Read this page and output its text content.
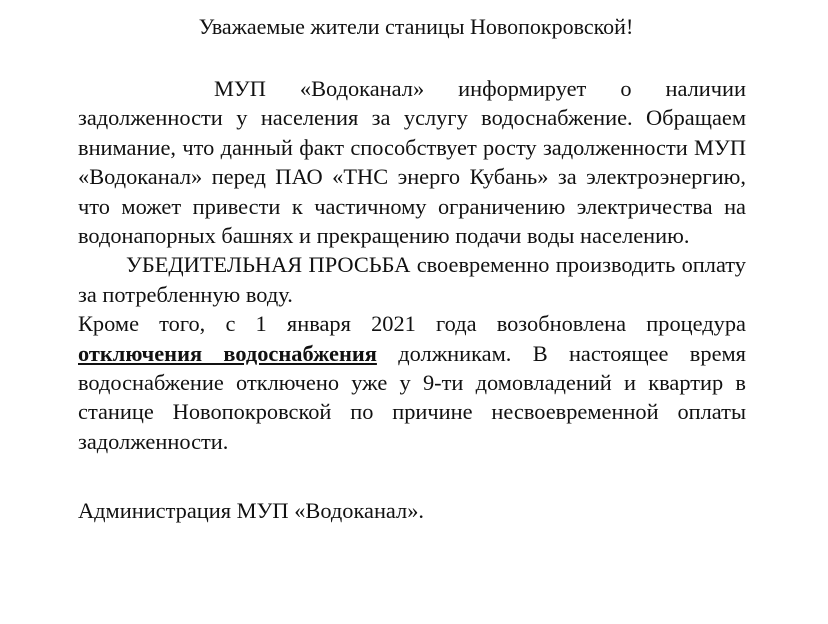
Уважаемые жители станицы Новопокровской!

МУП «Водоканал» информирует о наличии задолженности у населения за услугу водоснабжение. Обращаем внимание, что данный факт способствует росту задолженности МУП «Водоканал» перед ПАО «ТНС энерго Кубань» за электроэнергию, что может привести к частичному ограничению электричества на водонапорных башнях и прекращению подачи воды населению.

УБЕДИТЕЛЬНАЯ ПРОСЬБА своевременно производить оплату за потребленную воду.

Кроме того, с 1 января 2021 года возобновлена процедура отключения водоснабжения должникам. В настоящее время водоснабжение отключено уже у 9-ти домовладений и квартир в станице Новопокровской по причине несвоевременной оплаты задолженности.

Администрация МУП «Водоканал».
